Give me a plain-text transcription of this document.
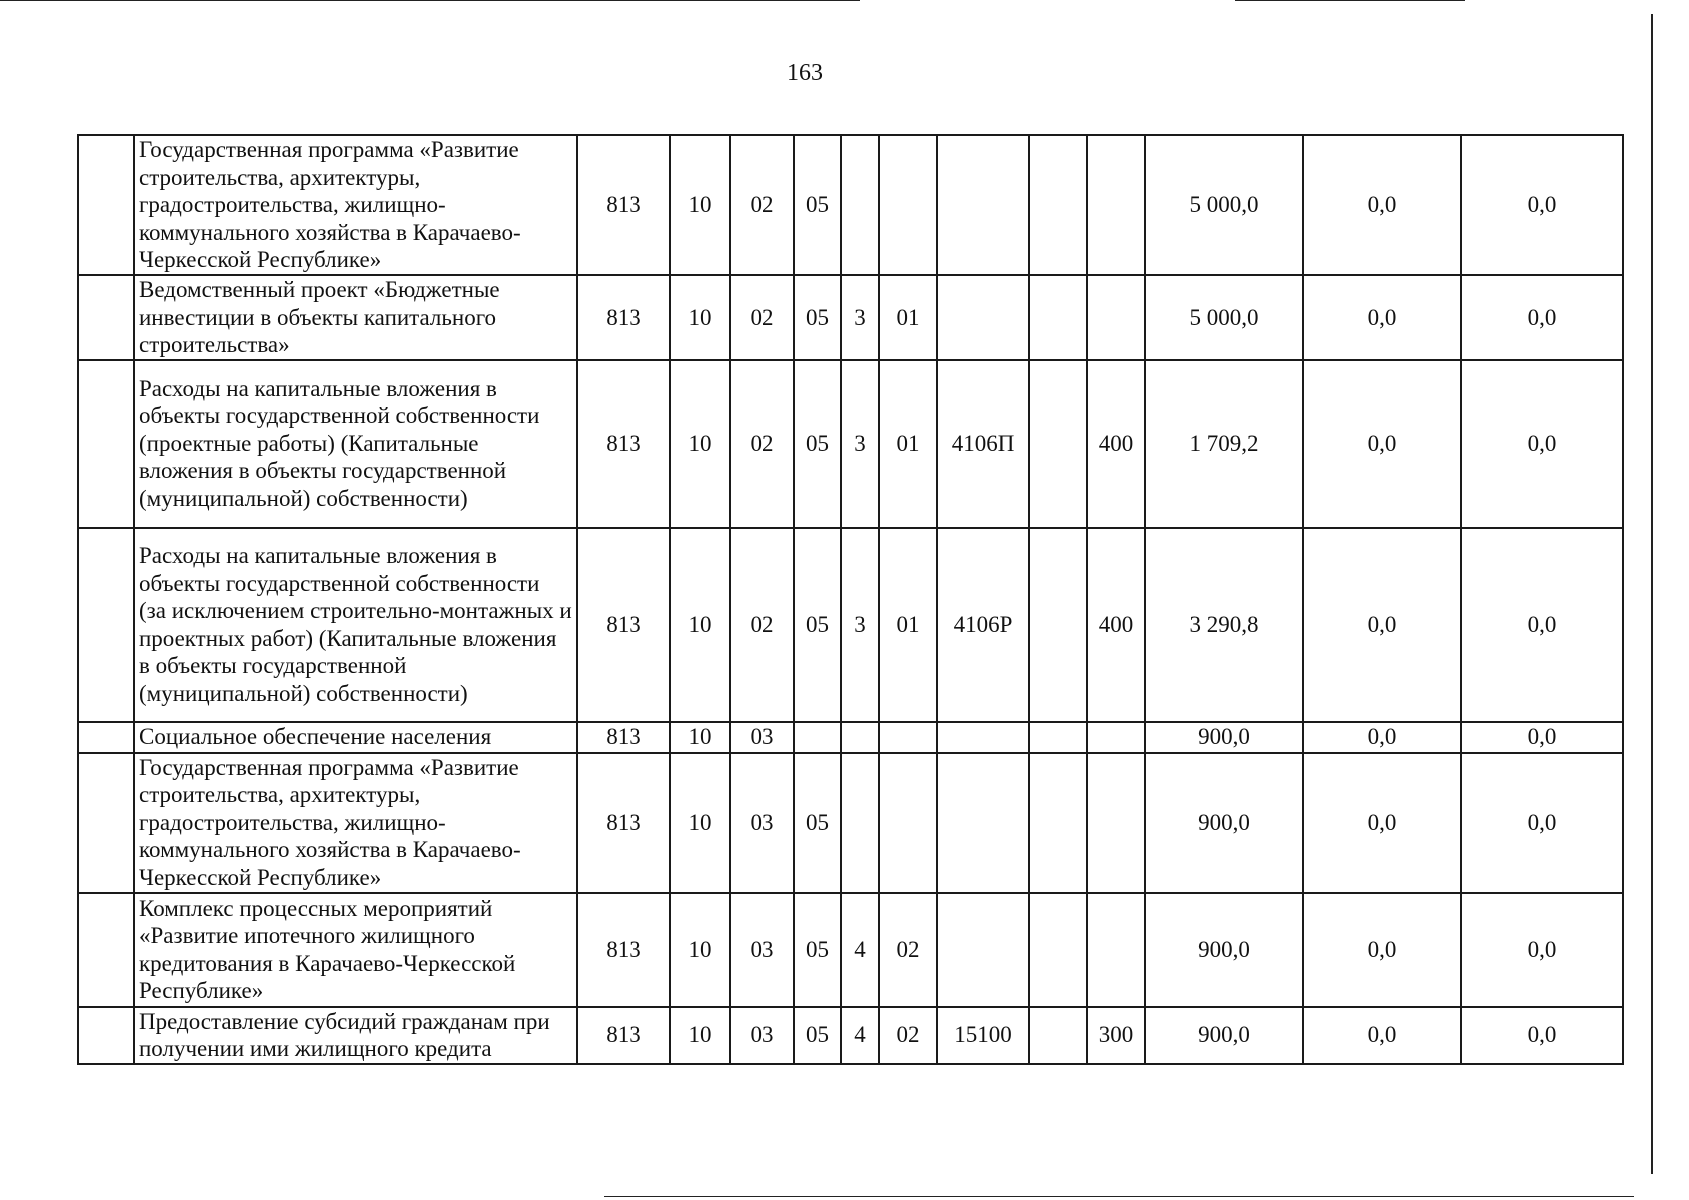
163
	Государственная программа «Развитие строительства, архитектуры, градостроительства, жилищно-коммунального хозяйства в Карачаево-Черкесской Республике»	813	10	02	05						5 000,0	0,0	0,0
	Ведомственный проект «Бюджетные инвестиции в объекты капитального строительства»	813	10	02	05	3	01				5 000,0	0,0	0,0
	Расходы на капитальные вложения в объекты государственной собственности (проектные работы) (Капитальные вложения в объекты государственной (муниципальной) собственности)	813	10	02	05	3	01	4106П		400	1 709,2	0,0	0,0
	Расходы на капитальные вложения в объекты государственной собственности (за исключением строительно-монтажных и проектных работ) (Капитальные вложения в объекты государственной (муниципальной) собственности)	813	10	02	05	3	01	4106Р		400	3 290,8	0,0	0,0
	Социальное обеспечение населения	813	10	03							900,0	0,0	0,0
	Государственная программа «Развитие строительства, архитектуры, градостроительства, жилищно-коммунального хозяйства в Карачаево-Черкесской Республике»	813	10	03	05						900,0	0,0	0,0
	Комплекс процессных мероприятий «Развитие ипотечного жилищного кредитования в Карачаево-Черкесской Республике»	813	10	03	05	4	02				900,0	0,0	0,0
	Предоставление субсидий гражданам при получении ими жилищного кредита	813	10	03	05	4	02	15100		300	900,0	0,0	0,0
